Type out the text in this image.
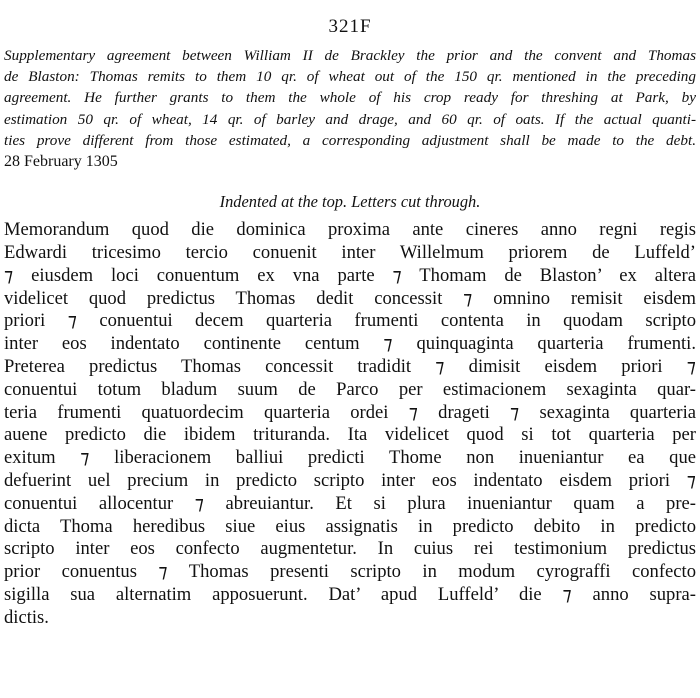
321F
Supplementary agreement between William II de Brackley the prior and the convent and Thomas
de Blaston: Thomas remits to them 10 qr. of wheat out of the 150 qr. mentioned in the preceding
agreement. He further grants to them the whole of his crop ready for threshing at Park, by
estimation 50 qr. of wheat, 14 qr. of barley and drage, and 60 qr. of oats. If the actual quanti-
ties prove different from those estimated, a corresponding adjustment shall be made to the debt.
28 February 1305
Indented at the top. Letters cut through.
Memorandum quod die dominica proxima ante cineres anno regni regis
Edwardi tricesimo tercio conuenit inter Willelmum priorem de Luffeld’
⁊ eiusdem loci conuentum ex vna parte ⁊ Thomam de Blaston’ ex altera
videlicet quod predictus Thomas dedit concessit ⁊ omnino remisit eisdem
priori ⁊ conuentui decem quarteria frumenti contenta in quodam scripto
inter eos indentato continente centum ⁊ quinquaginta quarteria frumenti.
Preterea predictus Thomas concessit tradidit ⁊ dimisit eisdem priori ⁊
conuentui totum bladum suum de Parco per estimacionem sexaginta quar-
teria frumenti quatuordecim quarteria ordei ⁊ drageti ⁊ sexaginta quarteria
auene predicto die ibidem trituranda. Ita videlicet quod si tot quarteria per
exitum ⁊ liberacionem balliui predicti Thome non inueniantur ea que
defuerint uel precium in predicto scripto inter eos indentato eisdem priori ⁊
conuentui allocentur ⁊ abreuiantur. Et si plura inueniantur quam a pre-
dicta Thoma heredibus siue eius assignatis in predicto debito in predicto
scripto inter eos confecto augmentetur. In cuius rei testimonium predictus
prior conuentus ⁊ Thomas presenti scripto in modum cyrograffi confecto
sigilla sua alternatim apposuerunt. Dat’ apud Luffeld’ die ⁊ anno supra-
dictis.
